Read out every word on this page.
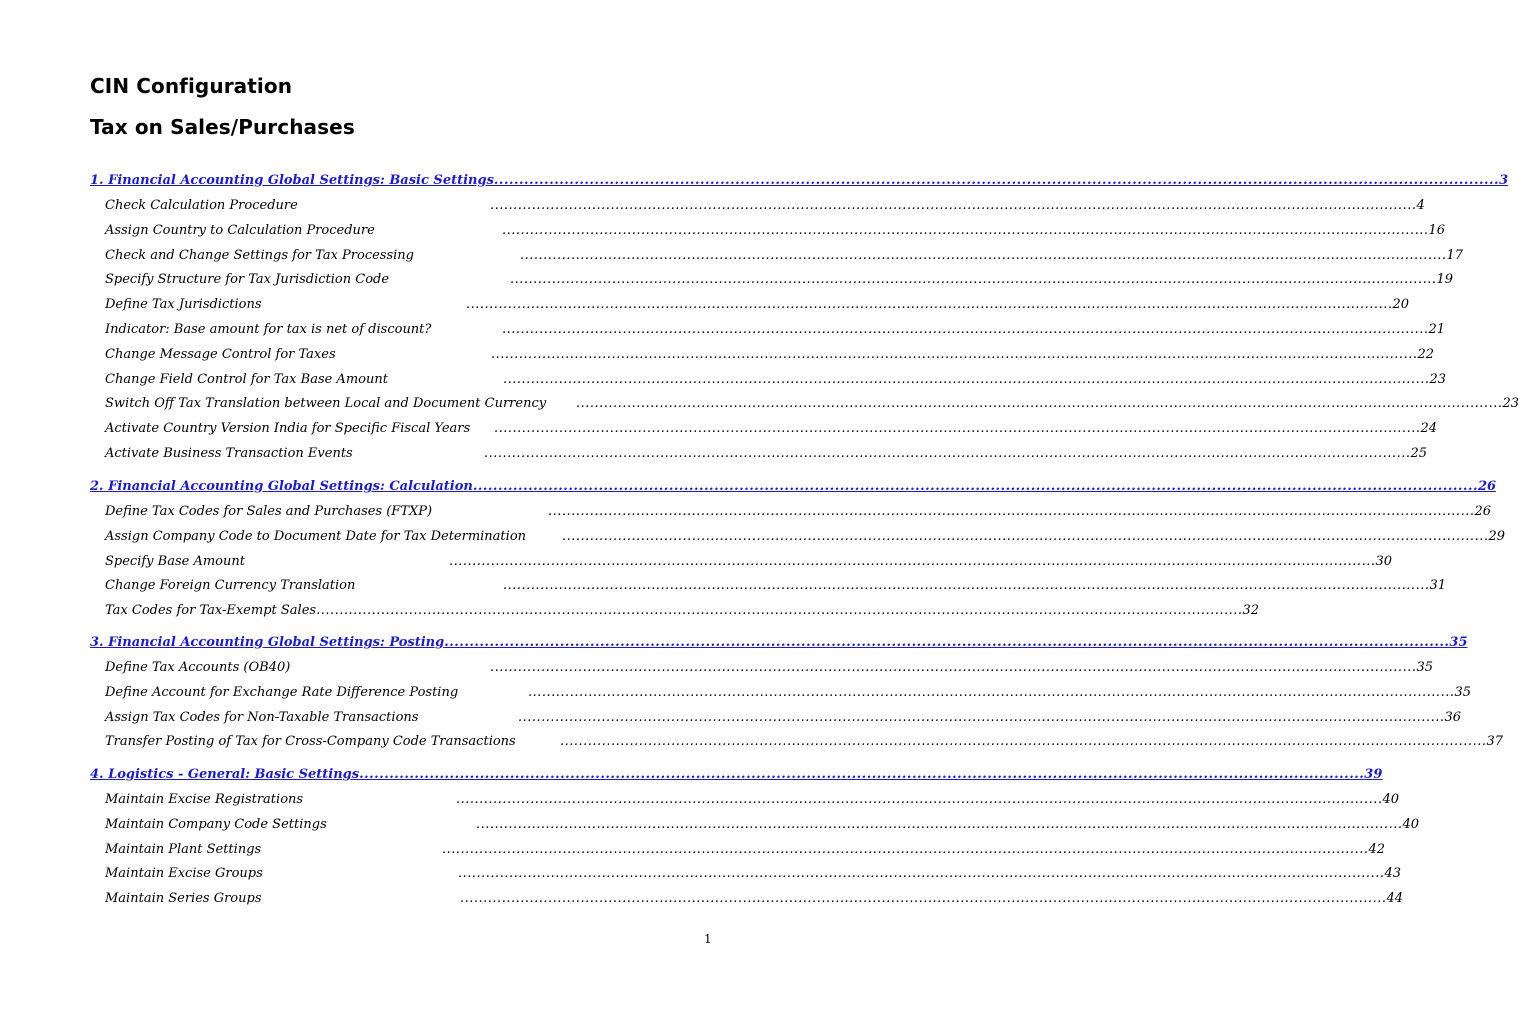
CIN Configuration
Tax on Sales/Purchases
1. Financial Accounting Global Settings: Basic Settings ........................................................................................................................................................................................................ 3
Check Calculation Procedure	........................................................................................................................................................................................................ 4
Assign Country to Calculation Procedure	........................................................................................................................................................................................................ 16
Check and Change Settings for Tax Processing	........................................................................................................................................................................................................ 17
Specify Structure for Tax Jurisdiction Code	........................................................................................................................................................................................................ 19
Define Tax Jurisdictions	........................................................................................................................................................................................................ 20
Indicator: Base amount for tax is net of discount?	........................................................................................................................................................................................................ 21
Change Message Control for Taxes	........................................................................................................................................................................................................ 22
Change Field Control for Tax Base Amount	........................................................................................................................................................................................................ 23
Switch Off Tax Translation between Local and Document Currency	........................................................................................................................................................................................................ 23
Activate Country Version India for Specific Fiscal Years	........................................................................................................................................................................................................ 24
Activate Business Transaction Events	........................................................................................................................................................................................................ 25
2. Financial Accounting Global Settings: Calculation ........................................................................................................................................................................................................ 26
Define Tax Codes for Sales and Purchases (FTXP)	........................................................................................................................................................................................................ 26
Assign Company Code to Document Date for Tax Determination	........................................................................................................................................................................................................ 29
Specify Base Amount	........................................................................................................................................................................................................ 30
Change Foreign Currency Translation	........................................................................................................................................................................................................ 31
Tax Codes for Tax-Exempt Sales ........................................................................................................................................................................................................ 32
3. Financial Accounting Global Settings: Posting ........................................................................................................................................................................................................ 35
Define Tax Accounts (OB40)	........................................................................................................................................................................................................ 35
Define Account for Exchange Rate Difference Posting	........................................................................................................................................................................................................ 35
Assign Tax Codes for Non-Taxable Transactions	........................................................................................................................................................................................................ 36
Transfer Posting of Tax for Cross-Company Code Transactions	........................................................................................................................................................................................................ 37
4. Logistics - General: Basic Settings ........................................................................................................................................................................................................ 39
Maintain Excise Registrations	........................................................................................................................................................................................................ 40
Maintain Company Code Settings	........................................................................................................................................................................................................ 40
Maintain Plant Settings	........................................................................................................................................................................................................ 42
Maintain Excise Groups	........................................................................................................................................................................................................ 43
Maintain Series Groups	........................................................................................................................................................................................................ 44
1
